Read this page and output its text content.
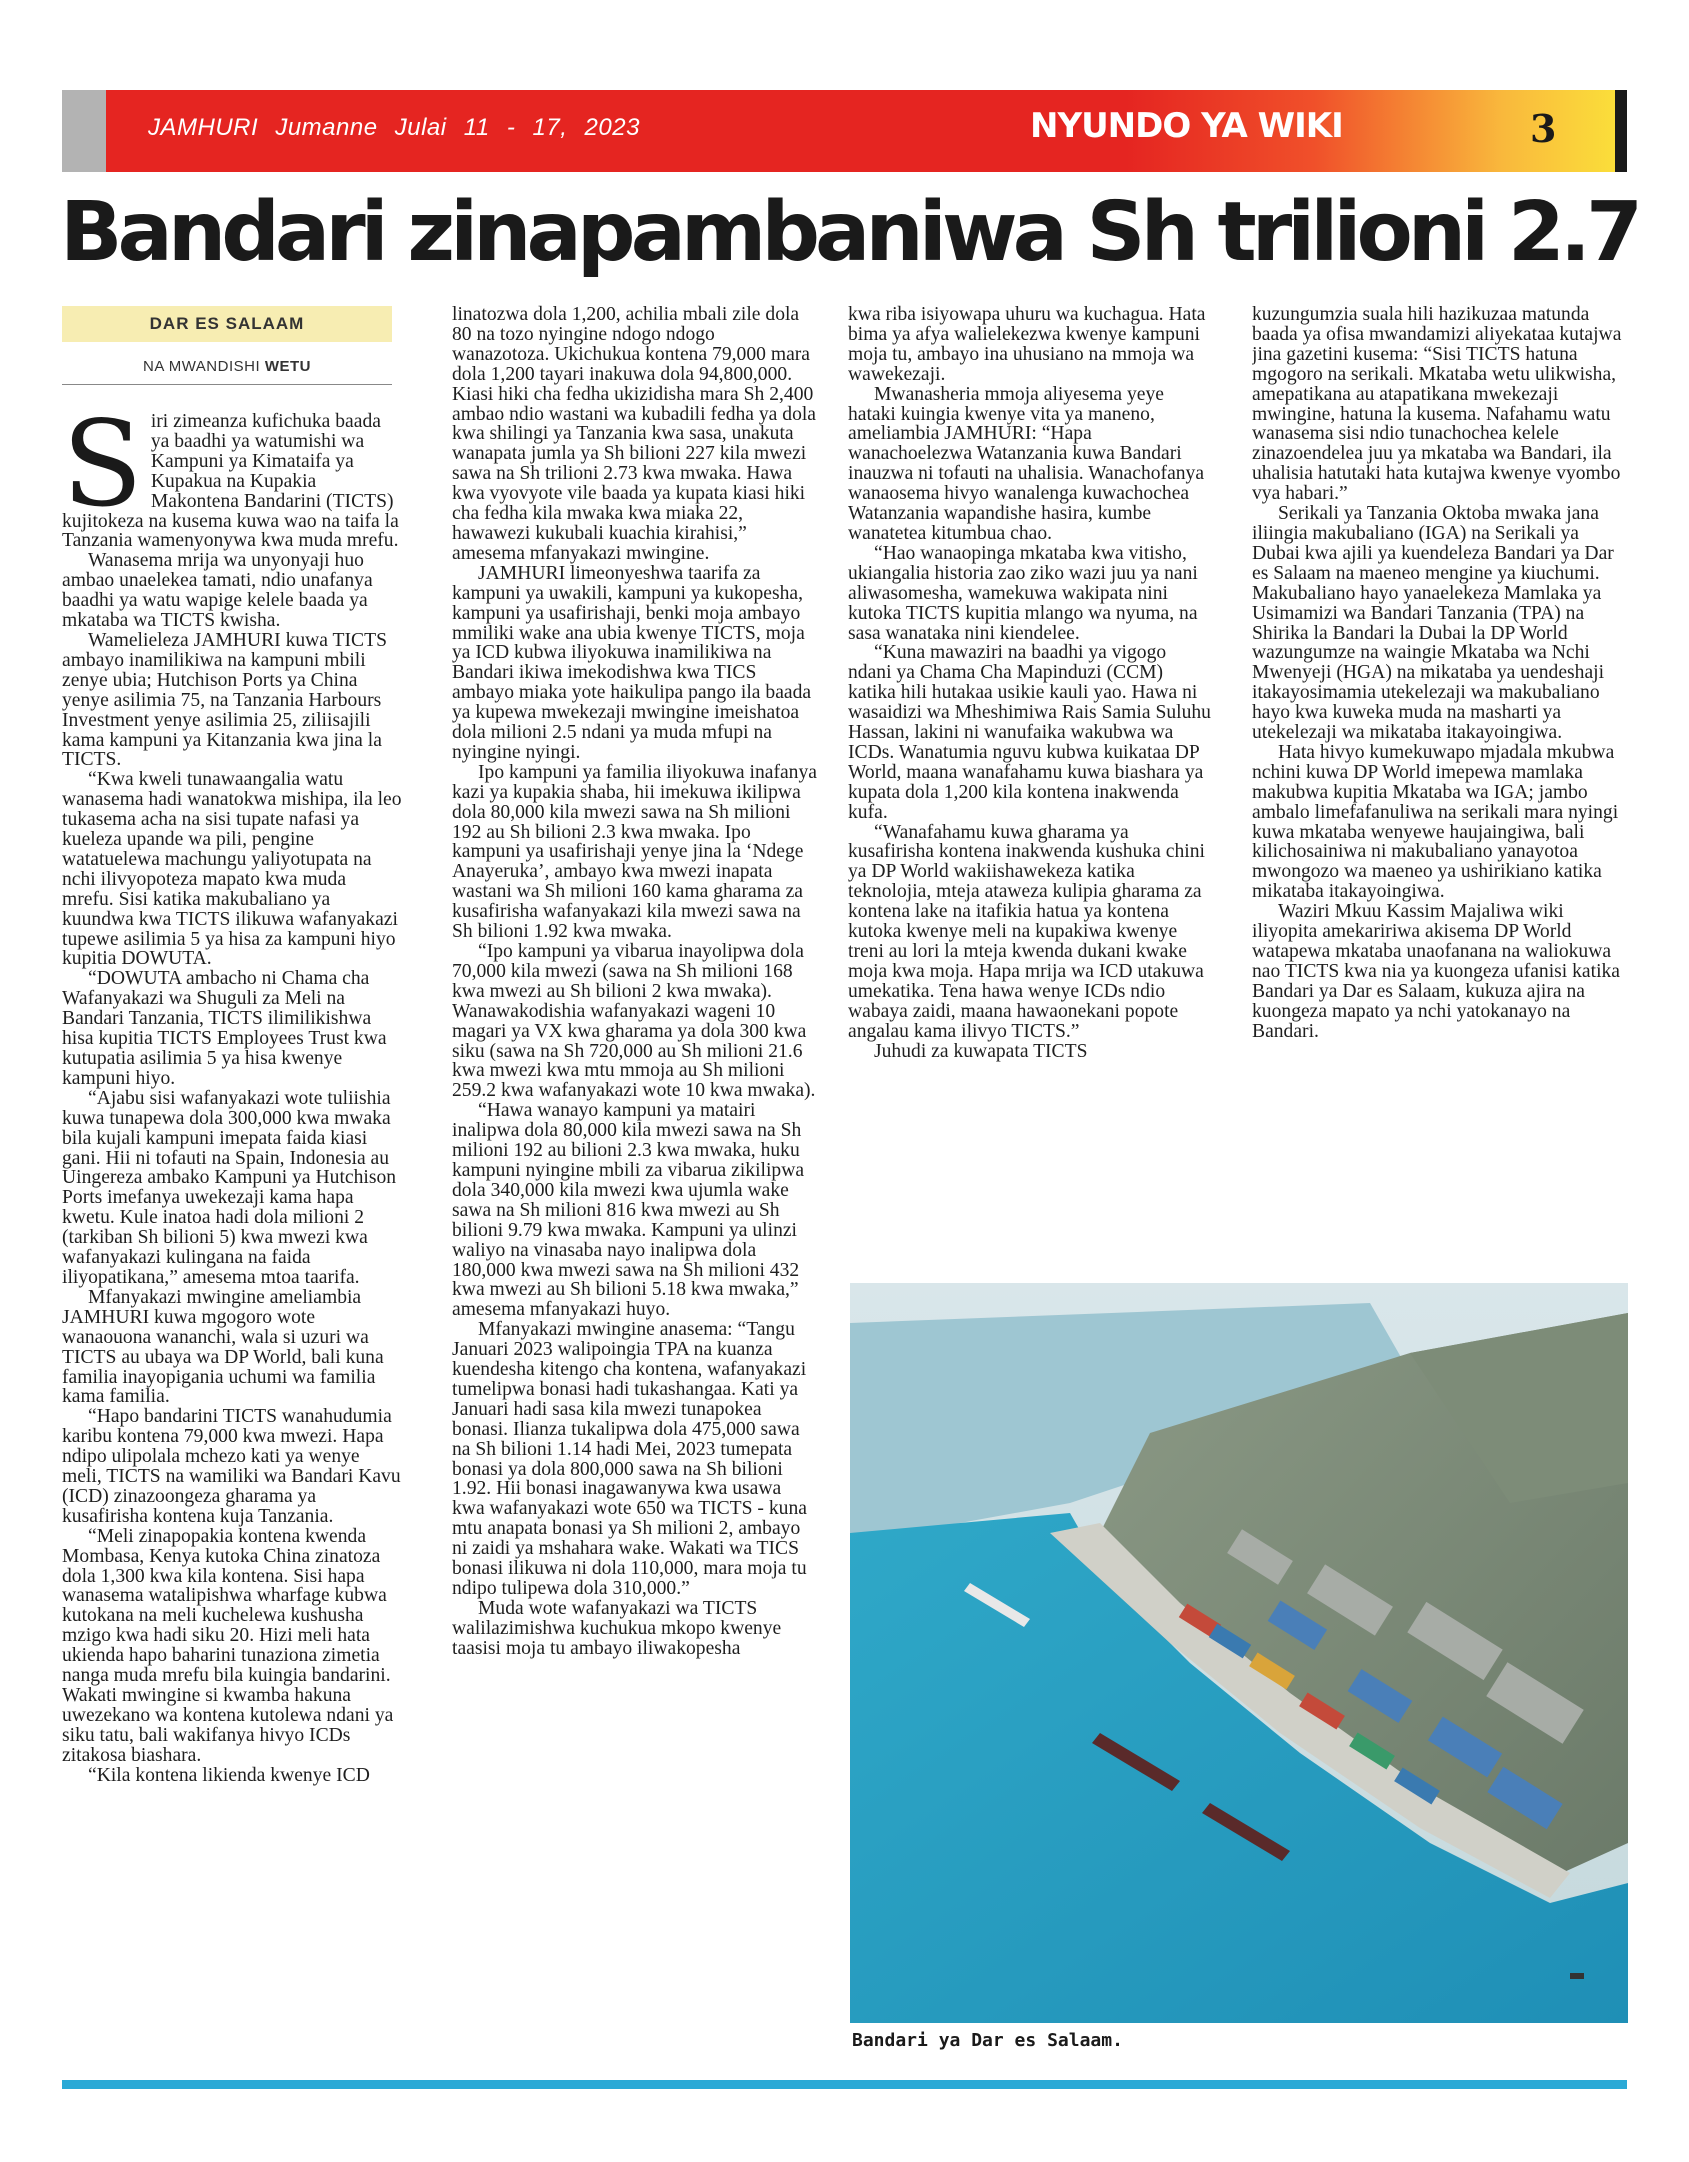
JAMHURI Jumanne Julai 11 - 17, 2023	NYUNDO YA WIKI	3
Bandari zinapambaniwa Sh trilioni 2.7
DAR ES SALAAM
NA MWANDISHI WETU

Siri zimeanza kufichuka baada ya baadhi ya watumishi wa Kampuni ya Kimataifa ya Kupakua na Kupakia Makontena Bandarini (TICTS) kujitokeza na kusema kuwa wao na taifa la Tanzania wamenyonywa kwa muda mrefu.

Wanasema mrija wa unyonyaji huo ambao unaelekea tamati, ndio unafanya baadhi ya watu wapige kelele baada ya mkataba wa TICTS kwisha.

Wamelieleza JAMHURI kuwa TICTS ambayo inamilikiwa na kampuni mbili zenye ubia; Hutchison Ports ya China yenye asilimia 75, na Tanzania Harbours Investment yenye asilimia 25, ziliisajili kama kampuni ya Kitanzania kwa jina la TICTS.

“Kwa kweli tunawaangalia watu wanasema hadi wanatokwa mishipa, ila leo tukasema acha na sisi tupate nafasi ya kueleza upande wa pili, pengine watatuelewa machungu yaliyotupata na nchi ilivyopoteza mapato kwa muda mrefu. Sisi katika makubaliano ya kuundwa kwa TICTS ilikuwa wafanyakazi tupewe asilimia 5 ya hisa za kampuni hiyo kupitia DOWUTA.

“DOWUTA ambacho ni Chama cha Wafanyakazi wa Shuguli za Meli na Bandari Tanzania, TICTS ilimilikishwa hisa kupitia TICTS Employees Trust kwa kutupatia asilimia 5 ya hisa kwenye kampuni hiyo.

“Ajabu sisi wafanyakazi wote tuliishia kuwa tunapewa dola 300,000 kwa mwaka bila kujali kampuni imepata faida kiasi gani. Hii ni tofauti na Spain, Indonesia au Uingereza ambako Kampuni ya Hutchison Ports imefanya uwekezaji kama hapa kwetu. Kule inatoa hadi dola milioni 2 (tarkiban Sh bilioni 5) kwa mwezi kwa wafanyakazi kulingana na faida iliyopatikana,” amesema mtoa taarifa.

Mfanyakazi mwingine ameliambia JAMHURI kuwa mgogoro wote wanaouona wananchi, wala si uzuri wa TICTS au ubaya wa DP World, bali kuna familia inayopigania uchumi wa familia kama familia.

“Hapo bandarini TICTS wanahudumia karibu kontena 79,000 kwa mwezi. Hapa ndipo ulipolala mchezo kati ya wenye meli, TICTS na wamiliki wa Bandari Kavu (ICD) zinazoongeza gharama ya kusafirisha kontena kuja Tanzania.

“Meli zinapopakia kontena kwenda Mombasa, Kenya kutoka China zinatoza dola 1,300 kwa kila kontena. Sisi hapa wanasema watalipishwa wharfage kubwa kutokana na meli kuchelewa kushusha mzigo kwa hadi siku 20. Hizi meli hata ukienda hapo baharini tunaziona zimetia nanga muda mrefu bila kuingia bandarini. Wakati mwingine si kwamba hakuna uwezekano wa kontena kutolewa ndani ya siku tatu, bali wakifanya hivyo ICDs zitakosa biashara.

“Kila kontena likienda kwenye ICD

linatozwa dola 1,200, achilia mbali zile dola 80 na tozo nyingine ndogo ndogo wanazotoza. Ukichukua kontena 79,000 mara dola 1,200 tayari inakuwa dola 94,800,000. Kiasi hiki cha fedha ukizidisha mara Sh 2,400 ambao ndio wastani wa kubadili fedha ya dola kwa shilingi ya Tanzania kwa sasa, unakuta wanapata jumla ya Sh bilioni 227 kila mwezi sawa na Sh trilioni 2.73 kwa mwaka. Hawa kwa vyovyote vile baada ya kupata kiasi hiki cha fedha kila mwaka kwa miaka 22, hawawezi kukubali kuachia kirahisi,” amesema mfanyakazi mwingine.

JAMHURI limeonyeshwa taarifa za kampuni ya uwakili, kampuni ya kukopesha, kampuni ya usafirishaji, benki moja ambayo mmiliki wake ana ubia kwenye TICTS, moja ya ICD kubwa iliyokuwa inamilikiwa na Bandari ikiwa imekodishwa kwa TICS ambayo miaka yote haikulipa pango ila baada ya kupewa mwekezaji mwingine imeishatoa dola milioni 2.5 ndani ya muda mfupi na nyingine nyingi.

Ipo kampuni ya familia iliyokuwa inafanya kazi ya kupakia shaba, hii imekuwa ikilipwa dola 80,000 kila mwezi sawa na Sh milioni 192 au Sh bilioni 2.3 kwa mwaka. Ipo kampuni ya usafirishaji yenye jina la ‘Ndege Anayeruka’, ambayo kwa mwezi inapata wastani wa Sh milioni 160 kama gharama za kusafirisha wafanyakazi kila mwezi sawa na Sh bilioni 1.92 kwa mwaka.

“Ipo kampuni ya vibarua inayolipwa dola 70,000 kila mwezi (sawa na Sh milioni 168 kwa mwezi au Sh bilioni 2 kwa mwaka). Wanawakodishia wafanyakazi wageni 10 magari ya VX kwa gharama ya dola 300 kwa siku (sawa na Sh 720,000 au Sh milioni 21.6 kwa mwezi kwa mtu mmoja au Sh milioni 259.2 kwa wafanyakazi wote 10 kwa mwaka).

“Hawa wanayo kampuni ya matairi inalipwa dola 80,000 kila mwezi sawa na Sh milioni 192 au bilioni 2.3 kwa mwaka, huku kampuni nyingine mbili za vibarua zikilipwa dola 340,000 kila mwezi kwa ujumla wake sawa na Sh milioni 816 kwa mwezi au Sh bilioni 9.79 kwa mwaka. Kampuni ya ulinzi waliyo na vinasaba nayo inalipwa dola 180,000 kwa mwezi sawa na Sh milioni 432 kwa mwezi au Sh bilioni 5.18 kwa mwaka,” amesema mfanyakazi huyo.

Mfanyakazi mwingine anasema: “Tangu Januari 2023 walipoingia TPA na kuanza kuendesha kitengo cha kontena, wafanyakazi tumelipwa bonasi hadi tukashangaa. Kati ya Januari hadi sasa kila mwezi tunapokea bonasi. Ilianza tukalipwa dola 475,000 sawa na Sh bilioni 1.14 hadi Mei, 2023 tumepata bonasi ya dola 800,000 sawa na Sh bilioni 1.92. Hii bonasi inagawanywa kwa usawa kwa wafanyakazi wote 650 wa TICTS - kuna mtu anapata bonasi ya Sh milioni 2, ambayo ni zaidi ya mshahara wake. Wakati wa TICS bonasi ilikuwa ni dola 110,000, mara moja tu ndipo tulipewa dola 310,000.”

Muda wote wafanyakazi wa TICTS walilazimishwa kuchukua mkopo kwenye taasisi moja tu ambayo iliwakopesha

kwa riba isiyowapa uhuru wa kuchagua. Hata bima ya afya walielekezwa kwenye kampuni moja tu, ambayo ina uhusiano na mmoja wa wawekezaji.

Mwanasheria mmoja aliyesema yeye hataki kuingia kwenye vita ya maneno, ameliambia JAMHURI: “Hapa wanachoelezwa Watanzania kuwa Bandari inauzwa ni tofauti na uhalisia. Wanachofanya wanaosema hivyo wanalenga kuwachochea Watanzania wapandishe hasira, kumbe wanatetea kitumbua chao.

“Hao wanaopinga mkataba kwa vitisho, ukiangalia historia zao ziko wazi juu ya nani aliwasomesha, wamekuwa wakipata nini kutoka TICTS kupitia mlango wa nyuma, na sasa wanataka nini kiendelee.

“Kuna mawaziri na baadhi ya vigogo ndani ya Chama Cha Mapinduzi (CCM) katika hili hutakaa usikie kauli yao. Hawa ni wasaidizi wa Mheshimiwa Rais Samia Suluhu Hassan, lakini ni wanufaika wakubwa wa ICDs. Wanatumia nguvu kubwa kuikataa DP World, maana wanafahamu kuwa biashara ya kupata dola 1,200 kila kontena inakwenda kufa.

“Wanafahamu kuwa gharama ya kusafirisha kontena inakwenda kushuka chini ya DP World wakiishawekeza katika teknolojia, mteja ataweza kulipia gharama za kontena lake na itafikia hatua ya kontena kutoka kwenye meli na kupakiwa kwenye treni au lori la mteja kwenda dukani kwake moja kwa moja. Hapa mrija wa ICD utakuwa umekatika. Tena hawa wenye ICDs ndio wabaya zaidi, maana hawaonekani popote angalau kama ilivyo TICTS.”

Juhudi za kuwapata TICTS

kuzungumzia suala hili hazikuzaa matunda baada ya ofisa mwandamizi aliyekataa kutajwa jina gazetini kusema: “Sisi TICTS hatuna mgogoro na serikali. Mkataba wetu ulikwisha, amepatikana au atapatikana mwekezaji mwingine, hatuna la kusema. Nafahamu watu wanasema sisi ndio tunachochea kelele zinazoendelea juu ya mkataba wa Bandari, ila uhalisia hatutaki hata kutajwa kwenye vyombo vya habari.”

Serikali ya Tanzania Oktoba mwaka jana iliingia makubaliano (IGA) na Serikali ya Dubai kwa ajili ya kuendeleza Bandari ya Dar es Salaam na maeneo mengine ya kiuchumi. Makubaliano hayo yanaelekeza Mamlaka ya Usimamizi wa Bandari Tanzania (TPA) na Shirika la Bandari la Dubai la DP World wazungumze na waingie Mkataba wa Nchi Mwenyeji (HGA) na mikataba ya uendeshaji itakayosimamia utekelezaji wa makubaliano hayo kwa kuweka muda na masharti ya utekelezaji wa mikataba itakayoingiwa.

Hata hivyo kumekuwapo mjadala mkubwa nchini kuwa DP World imepewa mamlaka makubwa kupitia Mkataba wa IGA; jambo ambalo limefafanuliwa na serikali mara nyingi kuwa mkataba wenyewe haujaingiwa, bali kilichosainiwa ni makubaliano yanayotoa mwongozo wa maeneo ya ushirikiano katika mikataba itakayoingiwa.

Waziri Mkuu Kassim Majaliwa wiki iliyopita amekaririwa akisema DP World watapewa mkataba unaofanana na waliokuwa nao TICTS kwa nia ya kuongeza ufanisi katika Bandari ya Dar es Salaam, kukuza ajira na kuongeza mapato ya nchi yatokanayo na Bandari.

Bandari ya Dar es Salaam.
